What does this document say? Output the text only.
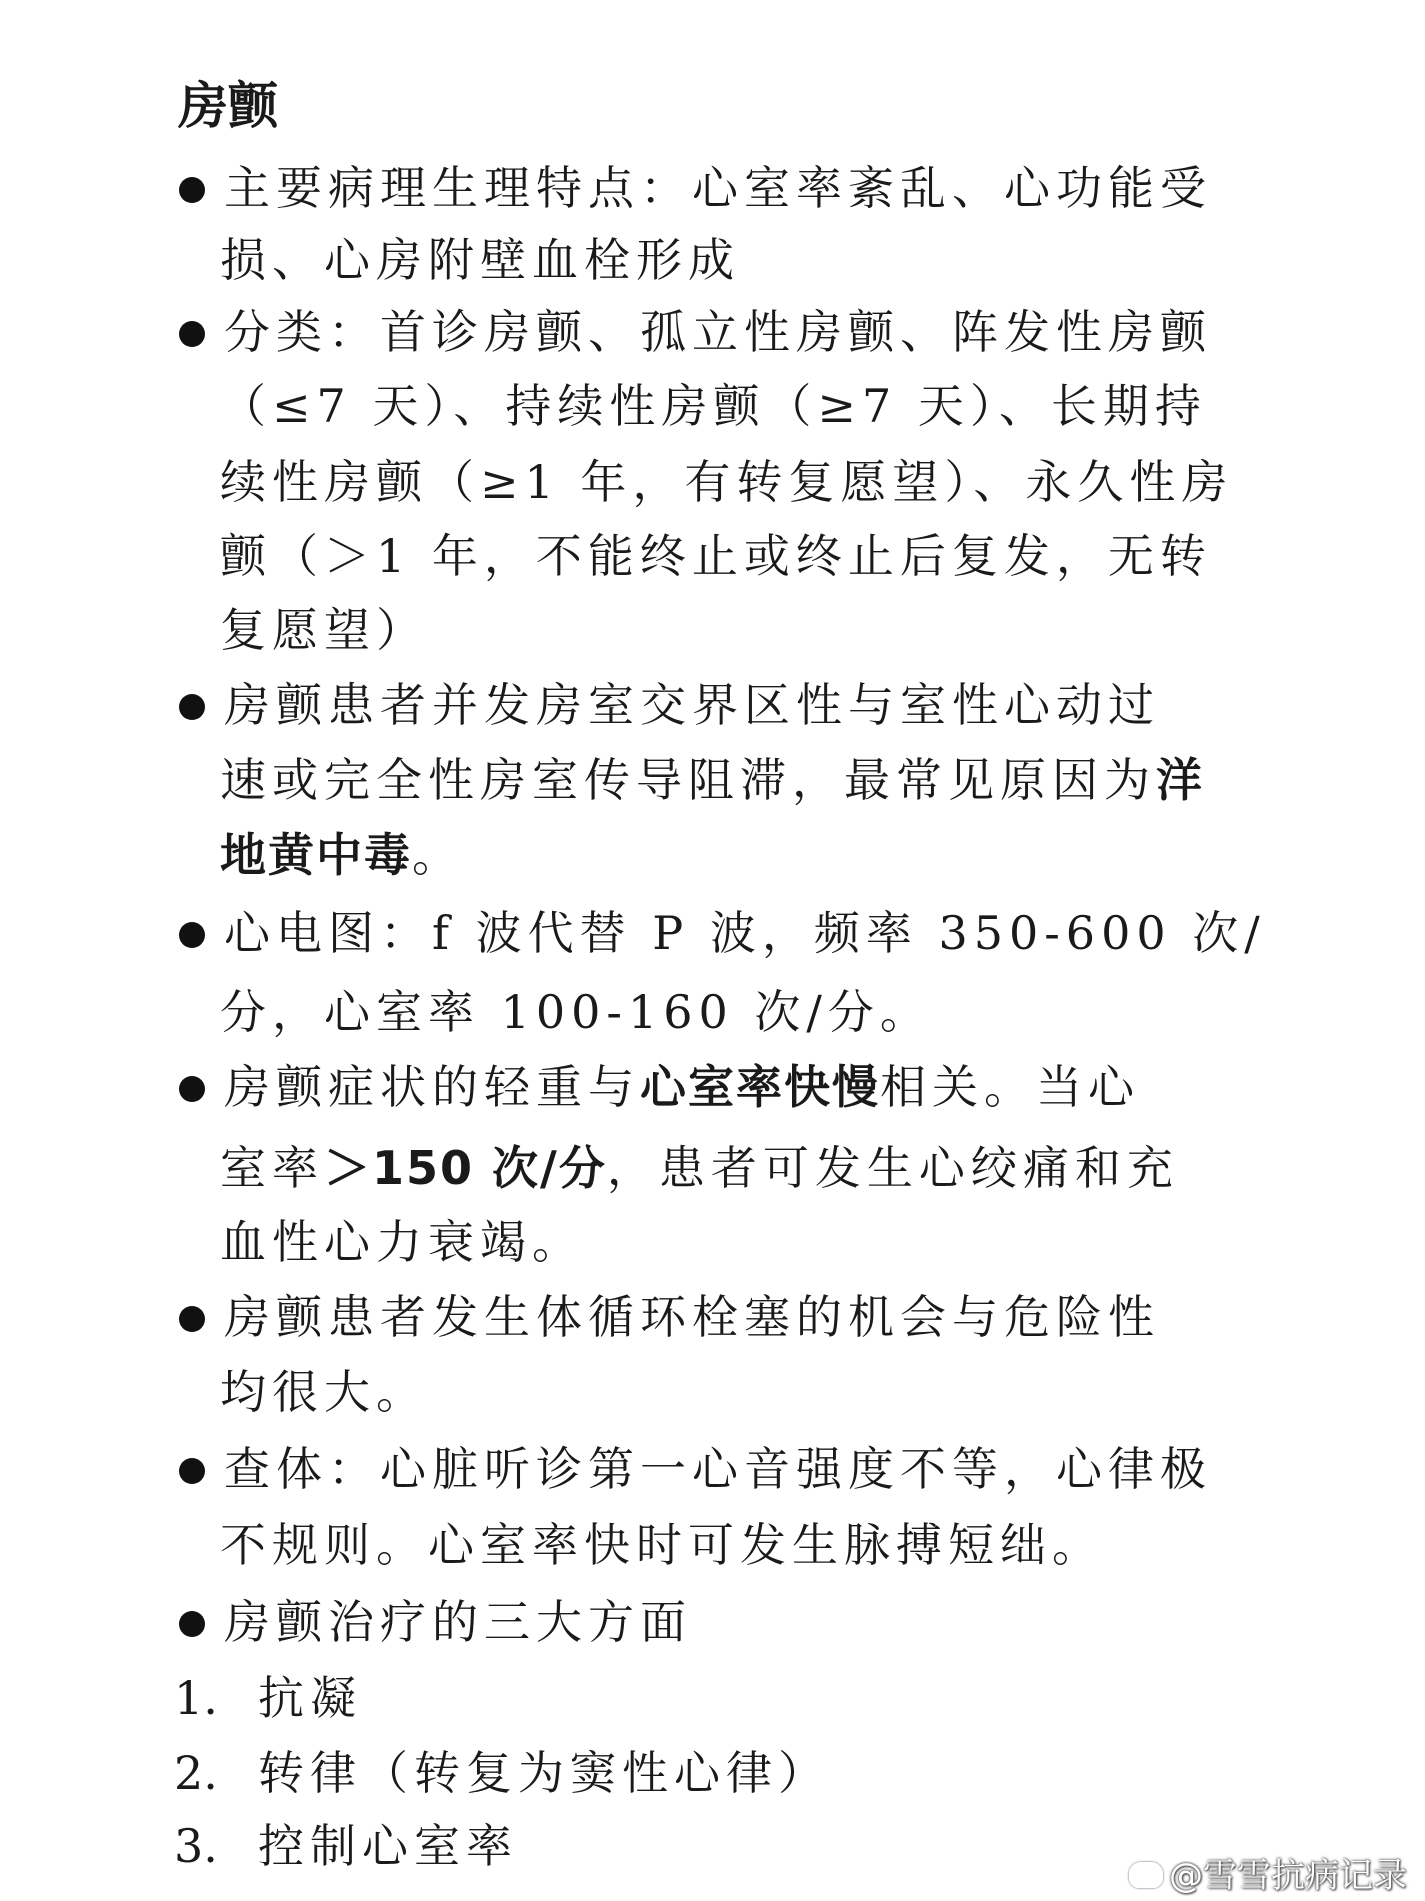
房颤
主要病理生理特点：心室率紊乱、心功能受
损、心房附壁血栓形成
分类：首诊房颤、孤立性房颤、阵发性房颤
（≤7 天）、持续性房颤（≥7 天）、长期持
续性房颤（≥1 年，有转复愿望）、永久性房
颤（＞1 年，不能终止或终止后复发，无转
复愿望）
房颤患者并发房室交界区性与室性心动过
速或完全性房室传导阻滞，最常见原因为洋
地黄中毒。
心电图：f 波代替 P 波，频率 350-600 次/
分，心室率 100-160 次/分。
房颤症状的轻重与心室率快慢相关。当心
室率＞150 次/分，患者可发生心绞痛和充
血性心力衰竭。
房颤患者发生体循环栓塞的机会与危险性
均很大。
查体：心脏听诊第一心音强度不等，心律极
不规则。心室率快时可发生脉搏短绌。
房颤治疗的三大方面
1. 抗凝
2. 转律（转复为窦性心律）
3. 控制心室率
@雪雪抗病记录
